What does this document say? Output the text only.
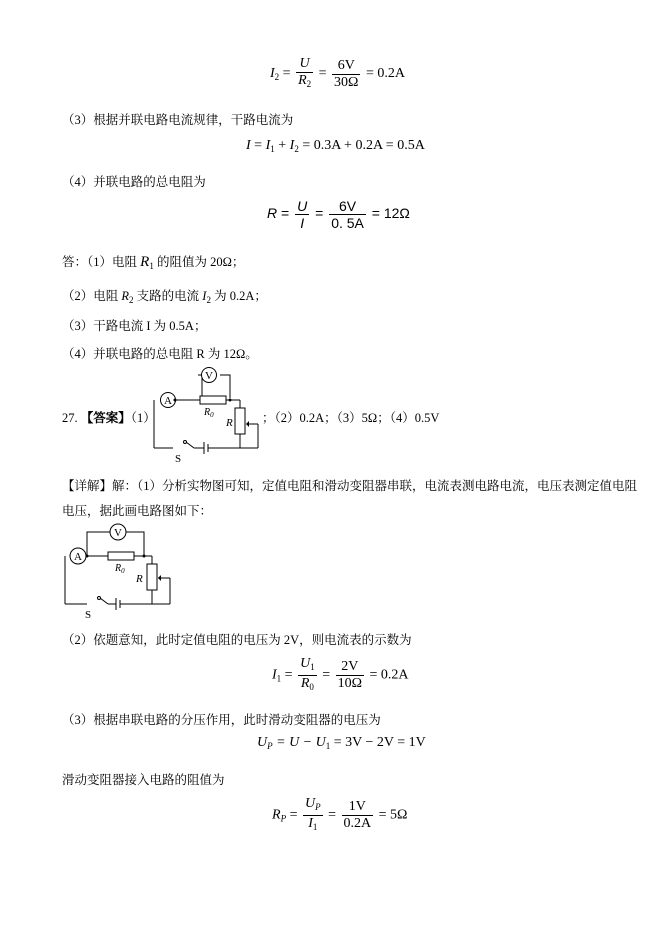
$I_2 = \frac{U}{R_2} = \frac{6V}{30\Omega} = 0.2A$
（3）根据并联电路电流规律，干路电流为
$I = I_1 + I_2 = 0.3A + 0.2A = 0.5A$
（4）并联电路的总电阻为
$R = \frac{U}{I} = \frac{6V}{0. 5A} = 12\Omega$
答：（1）电阻 $R_1$ 的阻值为 20Ω；
（2）电阻 $R_2$ 支路的电流 $I_2$ 为 0.2A；
（3）干路电流 I 为 0.5A；
（4）并联电路的总电阻 R 为 12Ω。
27. 【答案】（1）	；（2）0.2A；（3）5Ω；（4）0.5V
A
V
$R_0$
R
S
【详解】解：（1）分析实物图可知，定值电阻和滑动变阻器串联，电流表测电路电流，电压表测定值电阻
电压，据此画电路图如下：
A
V
$R_0$
R
S
（2）依题意知，此时定值电阻的电压为 2V，则电流表的示数为
$I_1 = \frac{U_1}{R_0} = \frac{2V}{10\Omega} = 0.2A$
（3）根据串联电路的分压作用，此时滑动变阻器的电压为
$U_P = U - U_1 = 3V - 2V = 1V$
滑动变阻器接入电路的阻值为
$R_P = \frac{U_P}{I_1} = \frac{1V}{0.2A} = 5\Omega$
